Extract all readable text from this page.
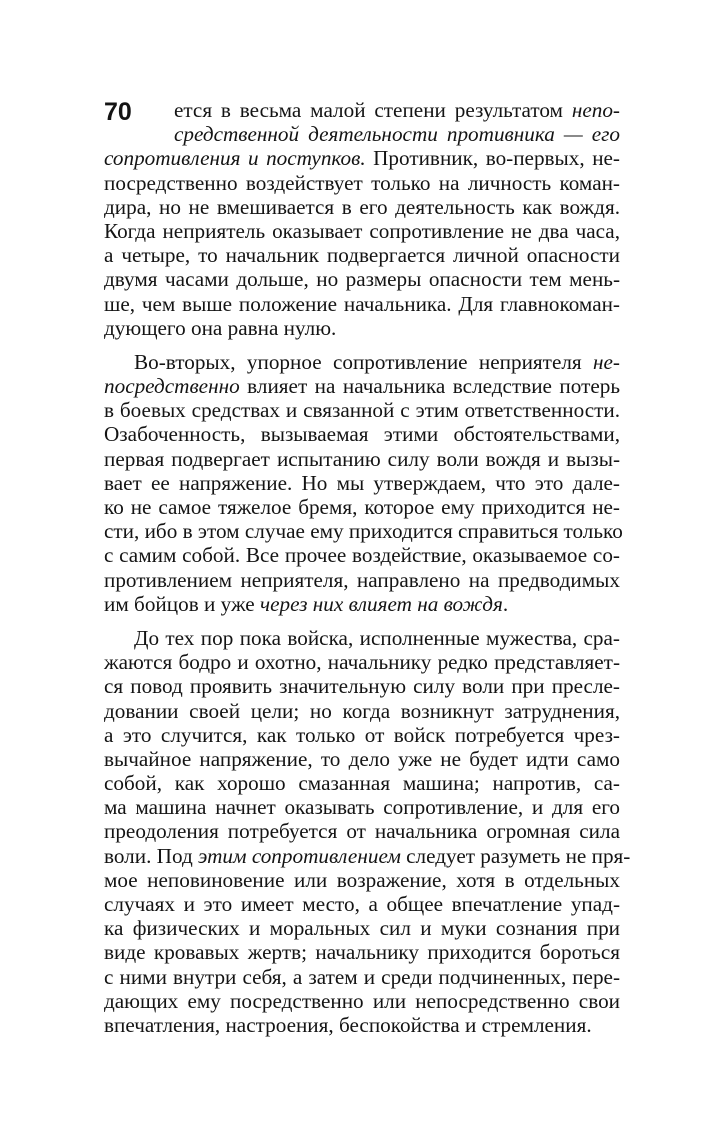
70	ется в весьма малой степени результатом непо-
средственной деятельности противника — его
сопротивления и поступков. Противник, во-первых, не-
посредственно воздействует только на личность коман-
дира, но не вмешивается в его деятельность как вождя.
Когда неприятель оказывает сопротивление не два часа,
а четыре, то начальник подвергается личной опасности
двумя часами дольше, но размеры опасности тем мень-
ше, чем выше положение начальника. Для главнокоман-
дующего она равна нулю.
Во-вторых, упорное сопротивление неприятеля не-
посредственно влияет на начальника вследствие потерь
в боевых средствах и связанной с этим ответственности.
Озабоченность, вызываемая этими обстоятельствами,
первая подвергает испытанию силу воли вождя и вызы-
вает ее напряжение. Но мы утверждаем, что это дале-
ко не самое тяжелое бремя, которое ему приходится не-
сти, ибо в этом случае ему приходится справиться только
с самим собой. Все прочее воздействие, оказываемое со-
противлением неприятеля, направлено на предводимых
им бойцов и уже через них влияет на вождя.
До тех пор пока войска, исполненные мужества, сра-
жаются бодро и охотно, начальнику редко представляет-
ся повод проявить значительную силу воли при пресле-
довании своей цели; но когда возникнут затруднения,
а это случится, как только от войск потребуется чрез-
вычайное напряжение, то дело уже не будет идти само
собой, как хорошо смазанная машина; напротив, са-
ма машина начнет оказывать сопротивление, и для его
преодоления потребуется от начальника огромная сила
воли. Под этим сопротивлением следует разуметь не пря-
мое неповиновение или возражение, хотя в отдельных
случаях и это имеет место, а общее впечатление упад-
ка физических и моральных сил и муки сознания при
виде кровавых жертв; начальнику приходится бороться
с ними внутри себя, а затем и среди подчиненных, пере-
дающих ему посредственно или непосредственно свои
впечатления, настроения, беспокойства и стремления.
